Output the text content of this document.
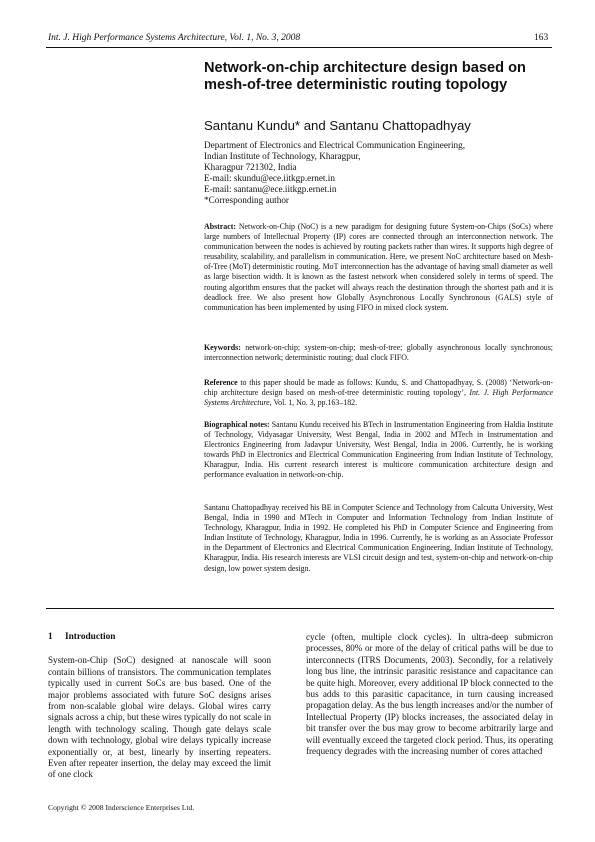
Int. J. High Performance Systems Architecture, Vol. 1, No. 3, 2008	163
Network-on-chip architecture design based on
mesh-of-tree deterministic routing topology
Santanu Kundu* and Santanu Chattopadhyay
Department of Electronics and Electrical Communication Engineering,
Indian Institute of Technology, Kharagpur,
Kharagpur 721302, India
E-mail: skundu@ece.iitkgp.ernet.in
E-mail: santanu@ece.iitkgp.ernet.in
*Corresponding author

Abstract: Network-on-Chip (NoC) is a new paradigm for designing future System-on-Chips (SoCs) where large numbers of Intellectual Property (IP) cores are connected through an interconnection network. The communication between the nodes is achieved by routing packets rather than wires. It supports high degree of reusability, scalability, and parallelism in communication. Here, we present NoC architecture based on Mesh-of-Tree (MoT) deterministic routing. MoT interconnection has the advantage of having small diameter as well as large bisection width. It is known as the fastest network when considered solely in terms of speed. The routing algorithm ensures that the packet will always reach the destination through the shortest path and it is deadlock free. We also present how Globally Asynchronous Locally Synchronous (GALS) style of communication has been implemented by using FIFO in mixed clock system.

Keywords: network-on-chip; system-on-chip; mesh-of-tree; globally asynchronous locally synchronous; interconnection network; deterministic routing; dual clock FIFO.

Reference to this paper should be made as follows: Kundu, S. and Chattopadhyay, S. (2008) ‘Network-on-chip architecture design based on mesh-of-tree deterministic routing topology’, Int. J. High Performance Systems Architecture, Vol. 1, No. 3, pp.163–182.

Biographical notes: Santanu Kundu received his BTech in Instrumentation Engineering from Haldia Institute of Technology, Vidyasagar University, West Bengal, India in 2002 and MTech in Instrumentation and Electronics Engineering from Jadavpur University, West Bengal, India in 2006. Currently, he is working towards PhD in Electronics and Electrical Communication Engineering from Indian Institute of Technology, Kharagpur, India. His current research interest is multicore communication architecture design and performance evaluation in network-on-chip.

Santanu Chattopadhyay received his BE in Computer Science and Technology from Calcutta University, West Bengal, India in 1990 and MTech in Computer and Information Technology from Indian Institute of Technology, Kharagpur, India in 1992. He completed his PhD in Computer Science and Engineering from Indian Institute of Technology, Kharagpur, India in 1996. Currently, he is working as an Associate Professor in the Department of Electronics and Electrical Communication Engineering, Indian Institute of Technology, Kharagpur, India. His research interests are VLSI circuit design and test, system-on-chip and network-on-chip design, low power system design.

1 Introduction
System-on-Chip (SoC) designed at nanoscale will soon contain billions of transistors. The communication templates typically used in current SoCs are bus based. One of the major problems associated with future SoC designs arises from non-scalable global wire delays. Global wires carry signals across a chip, but these wires typically do not scale in length with technology scaling. Though gate delays scale down with technology, global wire delays typically increase exponentially or, at best, linearly by inserting repeaters. Even after repeater insertion, the delay may exceed the limit of one clock
cycle (often, multiple clock cycles). In ultra-deep submicron processes, 80% or more of the delay of critical paths will be due to interconnects (ITRS Documents, 2003). Secondly, for a relatively long bus line, the intrinsic parasitic resistance and capacitance can be quite high. Moreover, every additional IP block connected to the bus adds to this parasitic capacitance, in turn causing increased propagation delay. As the bus length increases and/or the number of Intellectual Property (IP) blocks increases, the associated delay in bit transfer over the bus may grow to become arbitrarily large and will eventually exceed the targeted clock period. Thus, its operating frequency degrades with the increasing number of cores attached
Copyright © 2008 Inderscience Enterprises Ltd.
